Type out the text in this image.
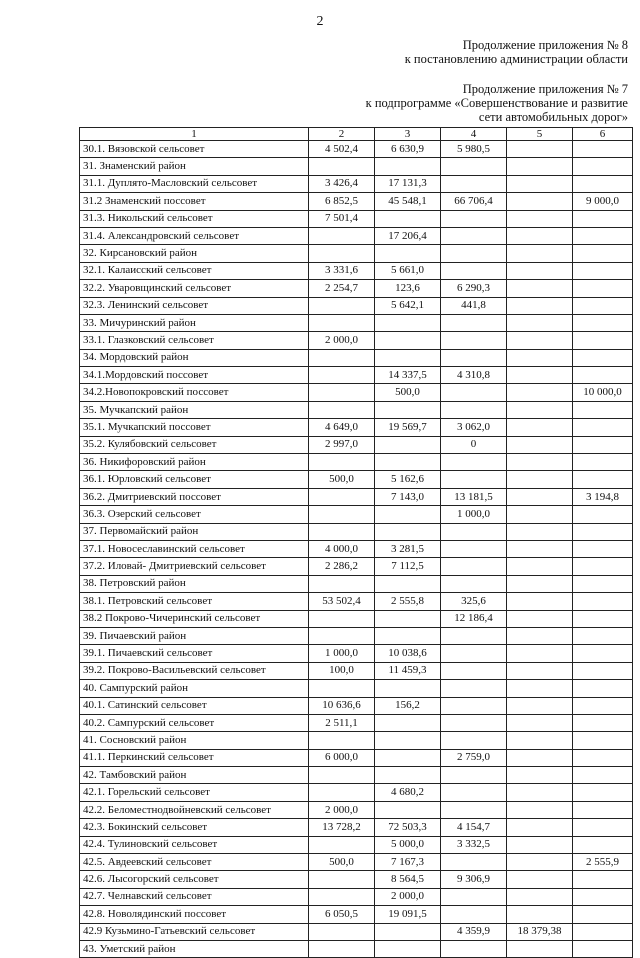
2
Продолжение приложения № 8
к постановлению администрации области
Продолжение приложения № 7
к подпрограмме «Совершенствование и развитие
сети автомобильных дорог»
1	2	3	4	5	6
30.1. Вязовской сельсовет	4 502,4	6 630,9	5 980,5		
31. Знаменский район					
31.1. Дуплято-Масловский сельсовет	3 426,4	17 131,3			
31.2 Знаменский поссовет	6 852,5	45 548,1	66 706,4		9 000,0
31.3. Никольский сельсовет	7 501,4				
31.4. Александровский сельсовет		17 206,4			
32. Кирсановский район					
32.1. Калаисский сельсовет	3 331,6	5 661,0			
32.2. Уваровщинский сельсовет	2 254,7	123,6	6 290,3		
32.3. Ленинский сельсовет		5 642,1	441,8		
33. Мичуринский район					
33.1. Глазковский сельсовет	2 000,0				
34. Мордовский район					
34.1.Мордовский поссовет		14 337,5	4 310,8		
34.2.Новопокровский поссовет		500,0			10 000,0
35. Мучкапский район					
35.1. Мучкапский поссовет	4 649,0	19 569,7	3 062,0		
35.2. Кулябовский сельсовет	2 997,0		0		
36. Никифоровский район					
36.1. Юрловский сельсовет	500,0	5 162,6			
36.2. Дмитриевский поссовет		7 143,0	13 181,5		3 194,8
36.3. Озерский сельсовет			1 000,0		
37. Первомайский район					
37.1. Новосеславинский сельсовет	4 000,0	3 281,5			
37.2. Иловай- Дмитриевский сельсовет	2 286,2	7 112,5			
38. Петровский район					
38.1. Петровский сельсовет	53 502,4	2 555,8	325,6		
38.2 Покрово-Чичеринский сельсовет			12 186,4		
39. Пичаевский район					
39.1. Пичаевский сельсовет	1 000,0	10 038,6			
39.2. Покрово-Васильевский сельсовет	100,0	11 459,3			
40. Сампурский район					
40.1. Сатинский сельсовет	10 636,6	156,2			
40.2. Сампурский сельсовет	2 511,1				
41. Сосновский район					
41.1. Перкинский сельсовет	6 000,0		2 759,0		
42. Тамбовский район					
42.1. Горельский сельсовет		4 680,2			
42.2. Беломестнодвойневский сельсовет	2 000,0				
42.3. Бокинский сельсовет	13 728,2	72 503,3	4 154,7		
42.4. Тулиновский сельсовет		5 000,0	3 332,5		
42.5. Авдеевский сельсовет	500,0	7 167,3			2 555,9
42.6. Лысогорский сельсовет		8 564,5	9 306,9		
42.7. Челнавский сельсовет		2 000,0			
42.8. Новолядинский поссовет	6 050,5	19 091,5			
42.9 Кузьмино-Гатьевский сельсовет			4 359,9	18 379,38	
43. Уметский район					
